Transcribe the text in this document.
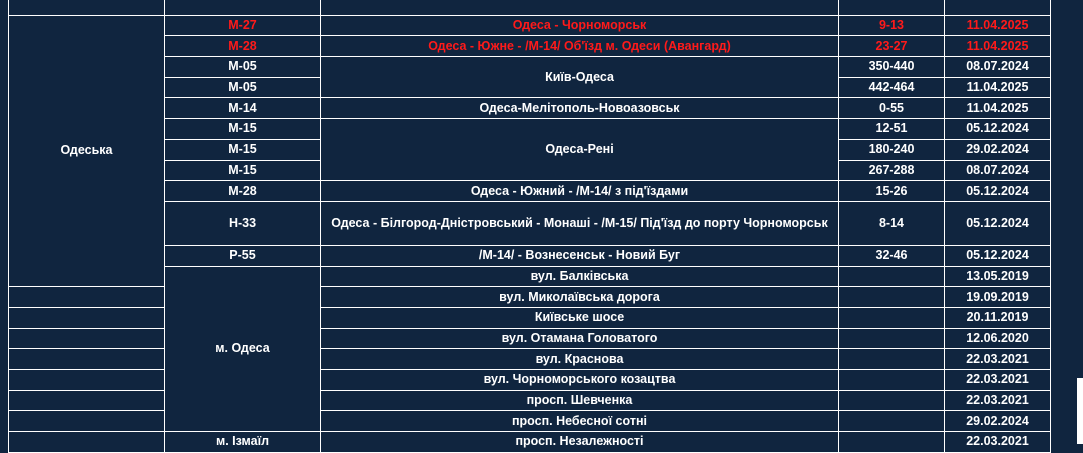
Одеська	М-27	Одеса - Чорноморськ	9-13	11.04.2025
	М-28	Одеса - Южне - /М-14/ Об'їзд м. Одеси (Авангард)	23-27	11.04.2025
	М-05	Київ-Одеса	350-440	08.07.2024
	М-05		442-464	11.04.2025
	М-14	Одеса-Мелітополь-Новоазовськ	0-55	11.04.2025
	М-15	Одеса-Рені	12-51	05.12.2024
	М-15		180-240	29.02.2024
	М-15		267-288	08.07.2024
	М-28	Одеса - Южний - /М-14/ з під'їздами	15-26	05.12.2024
	Н-33	Одеса - Білгород-Дністровський - Монаші - /М-15/ Під'їзд до порту Чорноморськ	8-14	05.12.2024
	Р-55	/М-14/ - Вознесенськ - Новий Буг	32-46	05.12.2024
	м. Одеса	вул. Балківська		13.05.2019
		вул. Миколаївська дорога		19.09.2019
		Київське шосе		20.11.2019
		вул. Отамана Головатого		12.06.2020
		вул. Краснова		22.03.2021
		вул. Чорноморського козацтва		22.03.2021
		просп. Шевченка		22.03.2021
		просп. Небесної сотні		29.02.2024
	м. Ізмаїл	просп. Незалежності		22.03.2021
